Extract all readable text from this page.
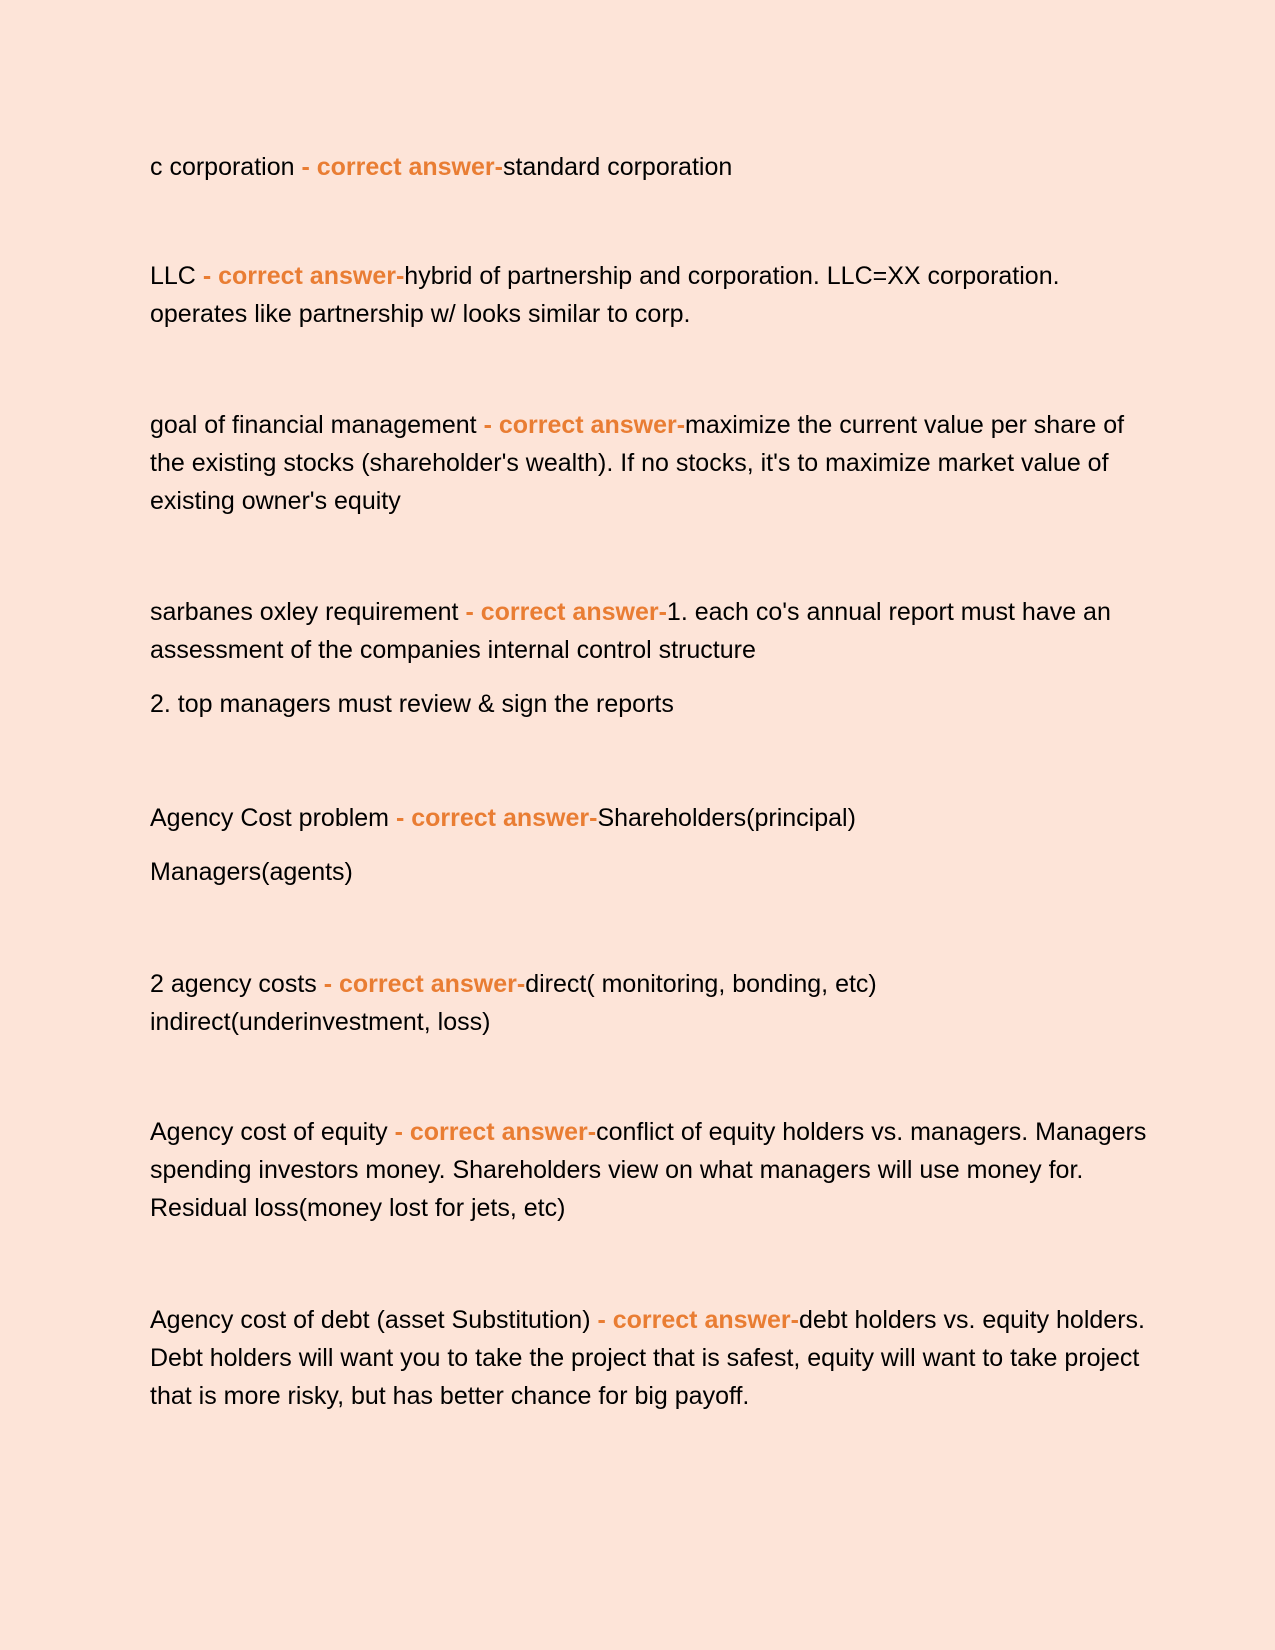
c corporation - correct answer-standard corporation

LLC - correct answer-hybrid of partnership and corporation. LLC=XX corporation. operates like partnership w/ looks similar to corp.

goal of financial management - correct answer-maximize the current value per share of the existing stocks (shareholder's wealth). If no stocks, it's to maximize market value of existing owner's equity

sarbanes oxley requirement - correct answer-1. each co's annual report must have an assessment of the companies internal control structure

2. top managers must review & sign the reports

Agency Cost problem - correct answer-Shareholders(principal)

Managers(agents)

2 agency costs - correct answer-direct( monitoring, bonding, etc) indirect(underinvestment, loss)

Agency cost of equity - correct answer-conflict of equity holders vs. managers. Managers spending investors money. Shareholders view on what managers will use money for. Residual loss(money lost for jets, etc)

Agency cost of debt (asset Substitution) - correct answer-debt holders vs. equity holders. Debt holders will want you to take the project that is safest, equity will want to take project that is more risky, but has better chance for big payoff.
